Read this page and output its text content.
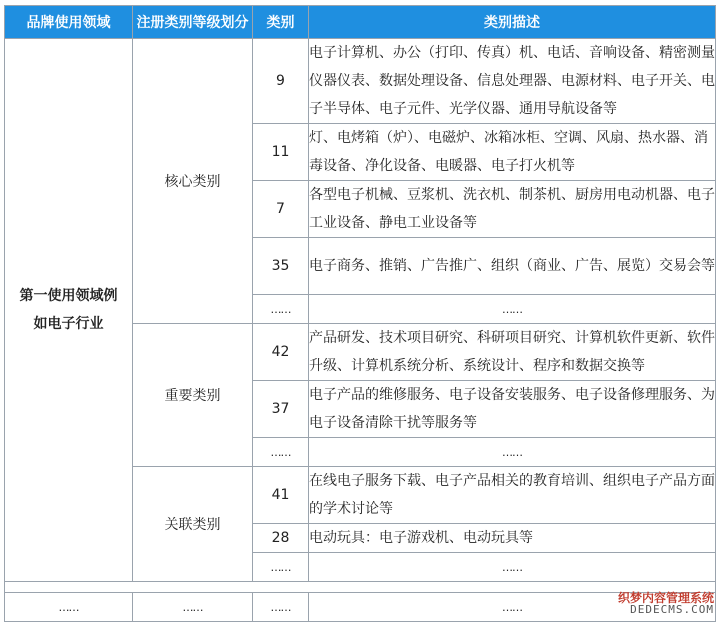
品牌使用领域	注册类别等级划分	类别	类别描述

第一使用领域例如电子行业	核心类别	9	电子计算机、办公（打印、传真）机、电话、音响设备、精密测量仪器仪表、数据处理设备、信息处理器、电源材料、电子开关、电子半导体、电子元件、光学仪器、通用导航设备等
		11	灯、电烤箱（炉）、电磁炉、冰箱冰柜、空调、风扇、热水器、消毒设备、净化设备、电暖器、电子打火机等
		7	各型电子机械、豆浆机、洗衣机、制茶机、厨房用电动机器、电子工业设备、静电工业设备等
		35	电子商务、推销、广告推广、组织（商业、广告、展览）交易会等
		……	……
	重要类别	42	产品研发、技术项目研究、科研项目研究、计算机软件更新、软件升级、计算机系统分析、系统设计、程序和数据交换等
		37	电子产品的维修服务、电子设备安装服务、电子设备修理服务、为电子设备清除干扰等服务等
		……	……
	关联类别	41	在线电子服务下载、电子产品相关的教育培训、组织电子产品方面的学术讨论等
		28	电动玩具：电子游戏机、电动玩具等
		……	……

……	……	……	……
织梦内容管理系统
DEDECMS.COM
